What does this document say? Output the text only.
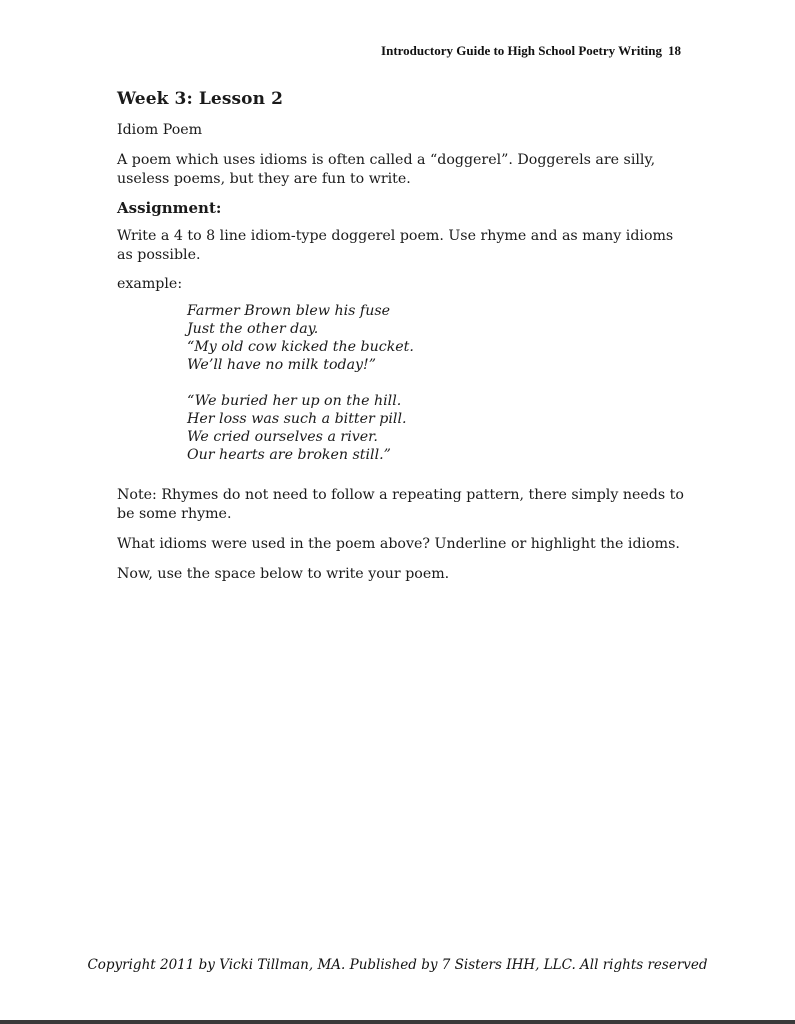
Introductory Guide to High School Poetry Writing 18
Week 3: Lesson 2

Idiom Poem

A poem which uses idioms is often called a “doggerel”. Doggerels are silly, useless poems, but they are fun to write.

Assignment:

Write a 4 to 8 line idiom-type doggerel poem. Use rhyme and as many idioms as possible.

example:

Farmer Brown blew his fuse
Just the other day.
“My old cow kicked the bucket.
We’ll have no milk today!”
“We buried her up on the hill.
Her loss was such a bitter pill.
We cried ourselves a river.
Our hearts are broken still.”

Note: Rhymes do not need to follow a repeating pattern, there simply needs to be some rhyme.

What idioms were used in the poem above? Underline or highlight the idioms.

Now, use the space below to write your poem.

Copyright 2011 by Vicki Tillman, MA. Published by 7 Sisters IHH, LLC. All rights reserved
